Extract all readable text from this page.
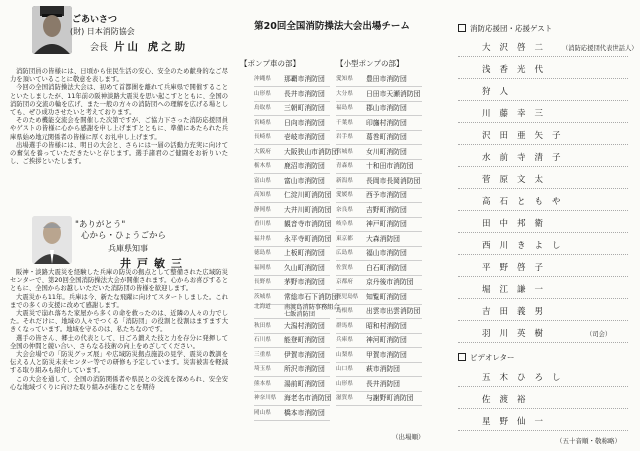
ごあいさつ
(財) 日本消防協会
会長 片山 虎之助

消防団員の皆様には、日頃から住民生活の安心、安全のため献身的なご尽力を頂いていることに敬意を表します。

今回の全国消防操法大会は、初めて首都圏を離れて兵庫県で開催することといたしましたが、11年前の阪神淡路大震災を思い起こすとともに、全国の消防団の交流の輪を広げ、また一般の方々の消防団への理解を広げる場としても、ぜひ成功させたいと考えております。

そのため機能交流会を開催した次第ですが、ご協力下さった消防応援団員やゲストの皆様に心から感謝を申し上げますとともに、準備にあたられた兵庫県始め地元関係者の皆様に厚くお礼申し上げます。

出場選手の皆様には、明日の大会と、さらには一層の活動力充実に向けての奮気を養っていただきたいと存じます。選手諸君のご健闘をお祈りいたし、ご挨拶といたします。

"ありがとう"
心から・ひょうごから
兵庫県知事
井戸敏三

阪神・淡路大震災を経験した兵庫の防災の拠点として整備された広域防災センターで、第20回全国消防操法大会が開催されます。心からお喜びするとともに、全国からお越しいただいた消防団の皆様を歓迎します。

大震災から11年。兵庫は今、新たな飛躍に向けてスタートしました。これまでの多くの支援に改めて感謝します。

大震災で崩れ落ちた家屋から多くの命を救ったのは、近隣の人々の力でした。それだけに、地域の人々でつくる「消防団」の役割と役割はますます大きくなっています。地域を守るのは、私たちなのです。

選手の皆さん、郷土の代表として、日ごろ鍛えた技と力を存分に発揮して全国の仲間と競い合い、さらなる技術の向上をめざしてください。

大会会場での「防災グッズ展」や広域防災拠点施設の見学、震災の教訓を伝える人と防災未来センター等での研修も予定しています。災害被害を軽減する取り組みも紹介しています。

この大会を通して、全国の消防関係者や県民との交流を深められ、安全安心な地域づくりに向けた取り組みが進むことを期待

第20回全国消防操法大会出場チーム
【ポンプ車の部】	【小型ポンプの部】
沖縄県	那覇市消防団
山形県	長井市消防団
鳥取県	三朝町消防団
宮崎県	日向市消防団
長崎県	壱岐市消防団
大阪府	大阪狭山市消防団
栃木県	鹿沼市消防団
富山県	富山市消防団
高知県	仁淀川町消防団
静岡県	大井川町消防団
香川県	観音寺市消防団
福井県	永平寺町消防団
徳島県	上板町消防団
福岡県	久山町消防団
長野県	茅野市消防団
茨城県	常総市石下消防団
北海道	南渡島消防事務組合七飯消防団
秋田県	大潟村消防団
石川県	能登町消防団
三重県	伊賀市消防団
埼玉県	所沢市消防団
熊本県	湯前町消防団
神奈川県	海老名市消防団
岡山県	橋本市消防団
愛知県	豊田市消防団
大分県	日田市天瀬消防団
福島県	郡山市消防団
千葉県	印旛村消防団
岩手県	葛巻町消防団
宮城県	女川町消防団
青森県	十和田市消防団
新潟県	長岡市長岡消防団
愛媛県	西予市消防団
奈良県	吉野町消防団
岐阜県	神戸町消防団
東京都	大森消防団
広島県	福山市消防団
佐賀県	白石町消防団
京都府	京丹後市消防団
鹿児島県	知覧町消防団
島根県	出雲市出雲消防団
群馬県	昭和村消防団
兵庫県	神河町消防団
山梨県	甲賀市消防団
山口県	萩市消防団
山形県	長井消防団
滋賀県	与謝野町消防団
（出場順）
消防応援団・応援ゲスト
大沢啓二 （消防応援団代表世話人）
浅香光代
狩人
川藤幸三
沢田亜矢子
水前寺清子
菅原文太
高石ともや
田中邦衛
西川きよし
平野啓子
堀江謙一
吉田義男
羽川英樹	（司会）
ビデオレター
五木ひろし
佐渡裕
星野仙一
（五十音順・敬称略）
